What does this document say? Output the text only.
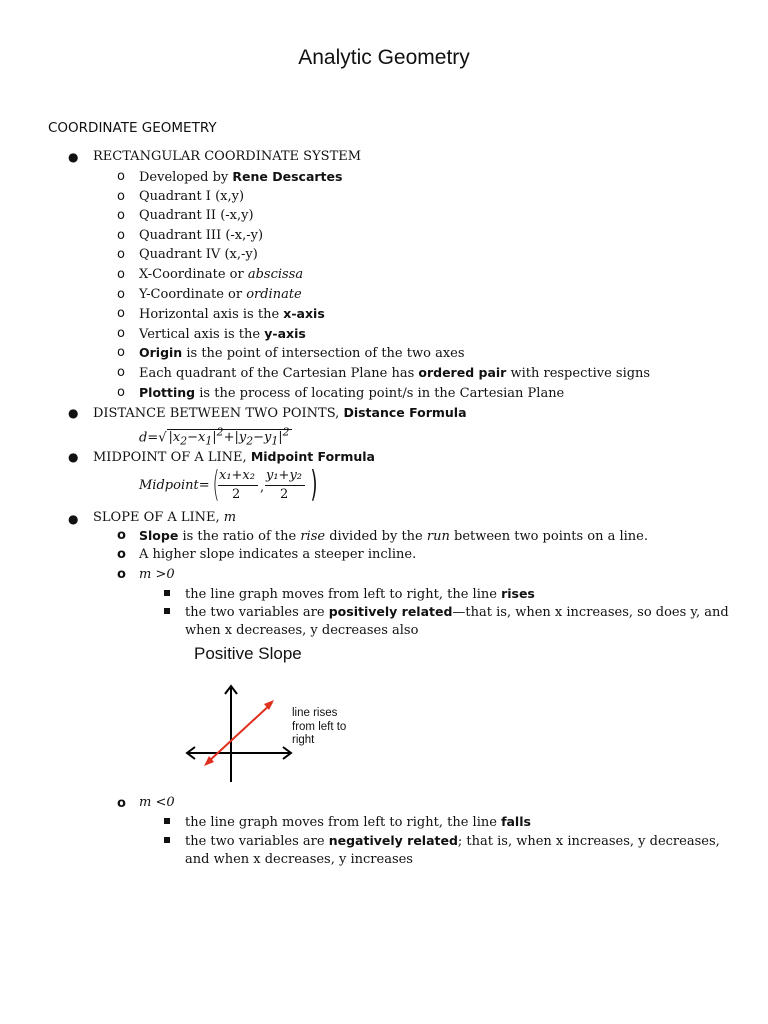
Analytic Geometry
COORDINATE GEOMETRY
● RECTANGULAR COORDINATE SYSTEM
o Developed by Rene Descartes
o Quadrant I (x,y)
o Quadrant II (-x,y)
o Quadrant III (-x,-y)
o Quadrant IV (x,-y)
o X-Coordinate or abscissa
o Y-Coordinate or ordinate
o Horizontal axis is the x-axis
o Vertical axis is the y-axis
o Origin is the point of intersection of the two axes
o Each quadrant of the Cartesian Plane has ordered pair with respective signs
o Plotting is the process of locating point/s in the Cartesian Plane
● DISTANCE BETWEEN TWO POINTS, Distance Formula
d=√ $|x_2-x_1|^2+|y_2-y_1|^2$
● MIDPOINT OF A LINE, Midpoint Formula
Midpoint= ( x₁+x₂
2 ,
y₁+y₂
2 )
● SLOPE OF A LINE, m
o Slope is the ratio of the rise divided by the run between two points on a line.
o A higher slope indicates a steeper incline.
o m >0
the line graph moves from left to right, the line rises
the two variables are positively related—that is, when x increases, so does y, and
when x decreases, y decreases also
Positive Slope
line rises from left to right
o m <0
the line graph moves from left to right, the line falls
the two variables are negatively related; that is, when x increases, y decreases,
and when x decreases, y increases
